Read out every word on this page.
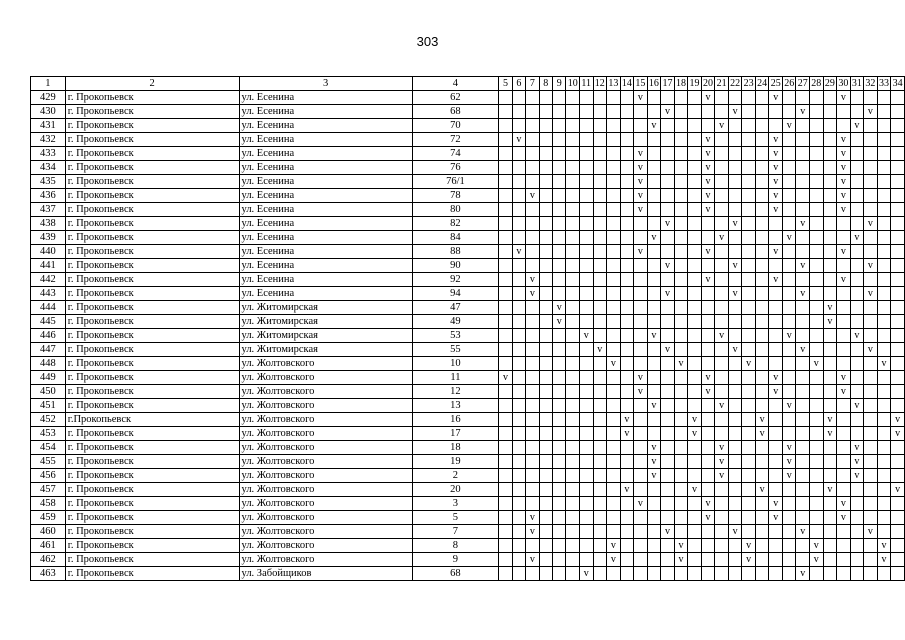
303
1	2	3	4	5	6	7	8	9	10	11	12	13	14	15	16	17	18	19	20	21	22	23	24	25	26	27	28	29	30	31	32	33	34
429	г. Прокопьевск	ул. Есенина	62											v					v					v					v				
430	г. Прокопьевск	ул. Есенина	68													v					v					v					v		
431	г. Прокопьевск	ул. Есенина	70												v					v					v					v			
432	г. Прокопьевск	ул. Есенина	72		v														v					v					v				
433	г. Прокопьевск	ул. Есенина	74											v					v					v					v				
434	г. Прокопьевск	ул. Есенина	76											v					v					v					v				
435	г. Прокопьевск	ул. Есенина	76/1											v					v					v					v				
436	г. Прокопьевск	ул. Есенина	78			v								v					v					v					v				
437	г. Прокопьевск	ул. Есенина	80											v					v					v					v				
438	г. Прокопьевск	ул. Есенина	82													v					v					v					v		
439	г. Прокопьевск	ул. Есенина	84												v					v					v					v			
440	г. Прокопьевск	ул. Есенина	88		v									v					v					v					v				
441	г. Прокопьевск	ул. Есенина	90													v					v					v					v		
442	г. Прокопьевск	ул. Есенина	92			v													v					v					v				
443	г. Прокопьевск	ул. Есенина	94			v										v					v					v					v		
444	г. Прокопьевск	ул. Житомирская	47					v																				v					
445	г. Прокопьевск	ул. Житомирская	49					v																				v					
446	г. Прокопьевск	ул. Житомирская	53							v					v					v					v					v			
447	г. Прокопьевск	ул. Житомирская	55								v					v					v					v					v		
448	г. Прокопьевск	ул. Жолтовского	10									v					v					v					v					v	
449	г. Прокопьевск	ул. Жолтовского	11	v										v					v					v					v				
450	г. Прокопьевск	ул. Жолтовского	12											v					v					v					v				
451	г. Прокопьевск	ул. Жолтовского	13												v					v					v					v			
452	г.Прокопьевск	ул. Жолтовского	16										v					v					v					v					v
453	г. Прокопьевск	ул. Жолтовского	17										v					v					v					v					v
454	г. Прокопьевск	ул. Жолтовского	18												v					v					v					v			
455	г. Прокопьевск	ул. Жолтовского	19												v					v					v					v			
456	г. Прокопьевск	ул. Жолтовского	2												v					v					v					v			
457	г. Прокопьевск	ул. Жолтовского	20										v					v					v					v					v
458	г. Прокопьевск	ул. Жолтовского	3											v					v					v					v				
459	г. Прокопьевск	ул. Жолтовского	5			v													v					v					v				
460	г. Прокопьевск	ул. Жолтовского	7			v										v					v					v					v		
461	г. Прокопьевск	ул. Жолтовского	8									v					v					v					v					v	
462	г. Прокопьевск	ул. Жолтовского	9			v						v					v					v					v					v	
463	г. Прокопьевск	ул. Забойщиков	68							v																v							
